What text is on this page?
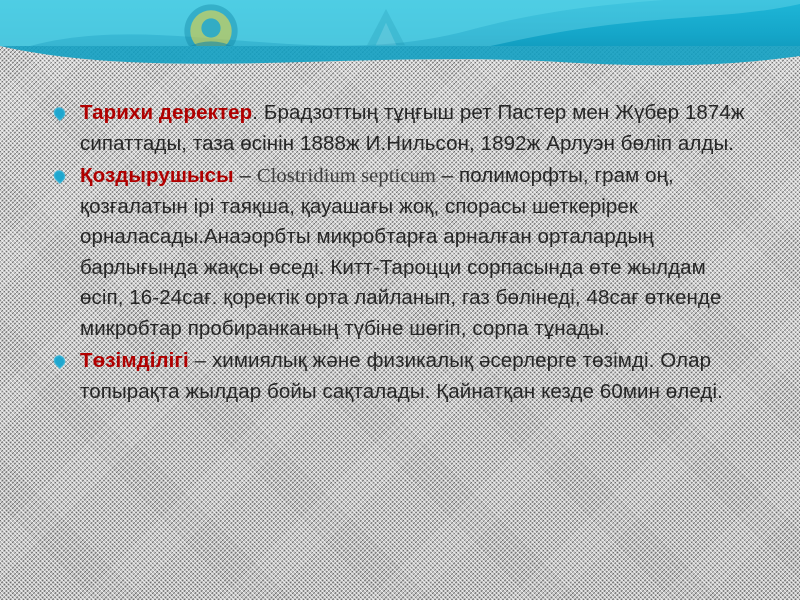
Тарихи деректер. Брадзоттың тұңғыш рет Пастер мен Жүбер 1874ж сипаттады, таза өсінін 1888ж И.Нильсон, 1892ж Арлуэн бөліп алды.
Қоздырушысы – Clostridium septicum – полиморфты, грам оң, қозғалатын ірі таяқша, қауашағы жоқ, спорасы шеткерірек орналасады.Анаэорбты микробтарға арналған орталардың барлығында жақсы өседі. Китт-Тароцци сорпасында өте жылдам өсіп, 16-24сағ. қоректік орта лайланып, газ бөлінеді, 48сағ өткенде микробтар пробиранканың түбіне шөгіп, сорпа тұнады.
Төзімділігі – химиялық және физикалық әсерлерге төзімді. Олар топырақта жылдар бойы сақталады. Қайнатқан кезде 60мин өледі.
